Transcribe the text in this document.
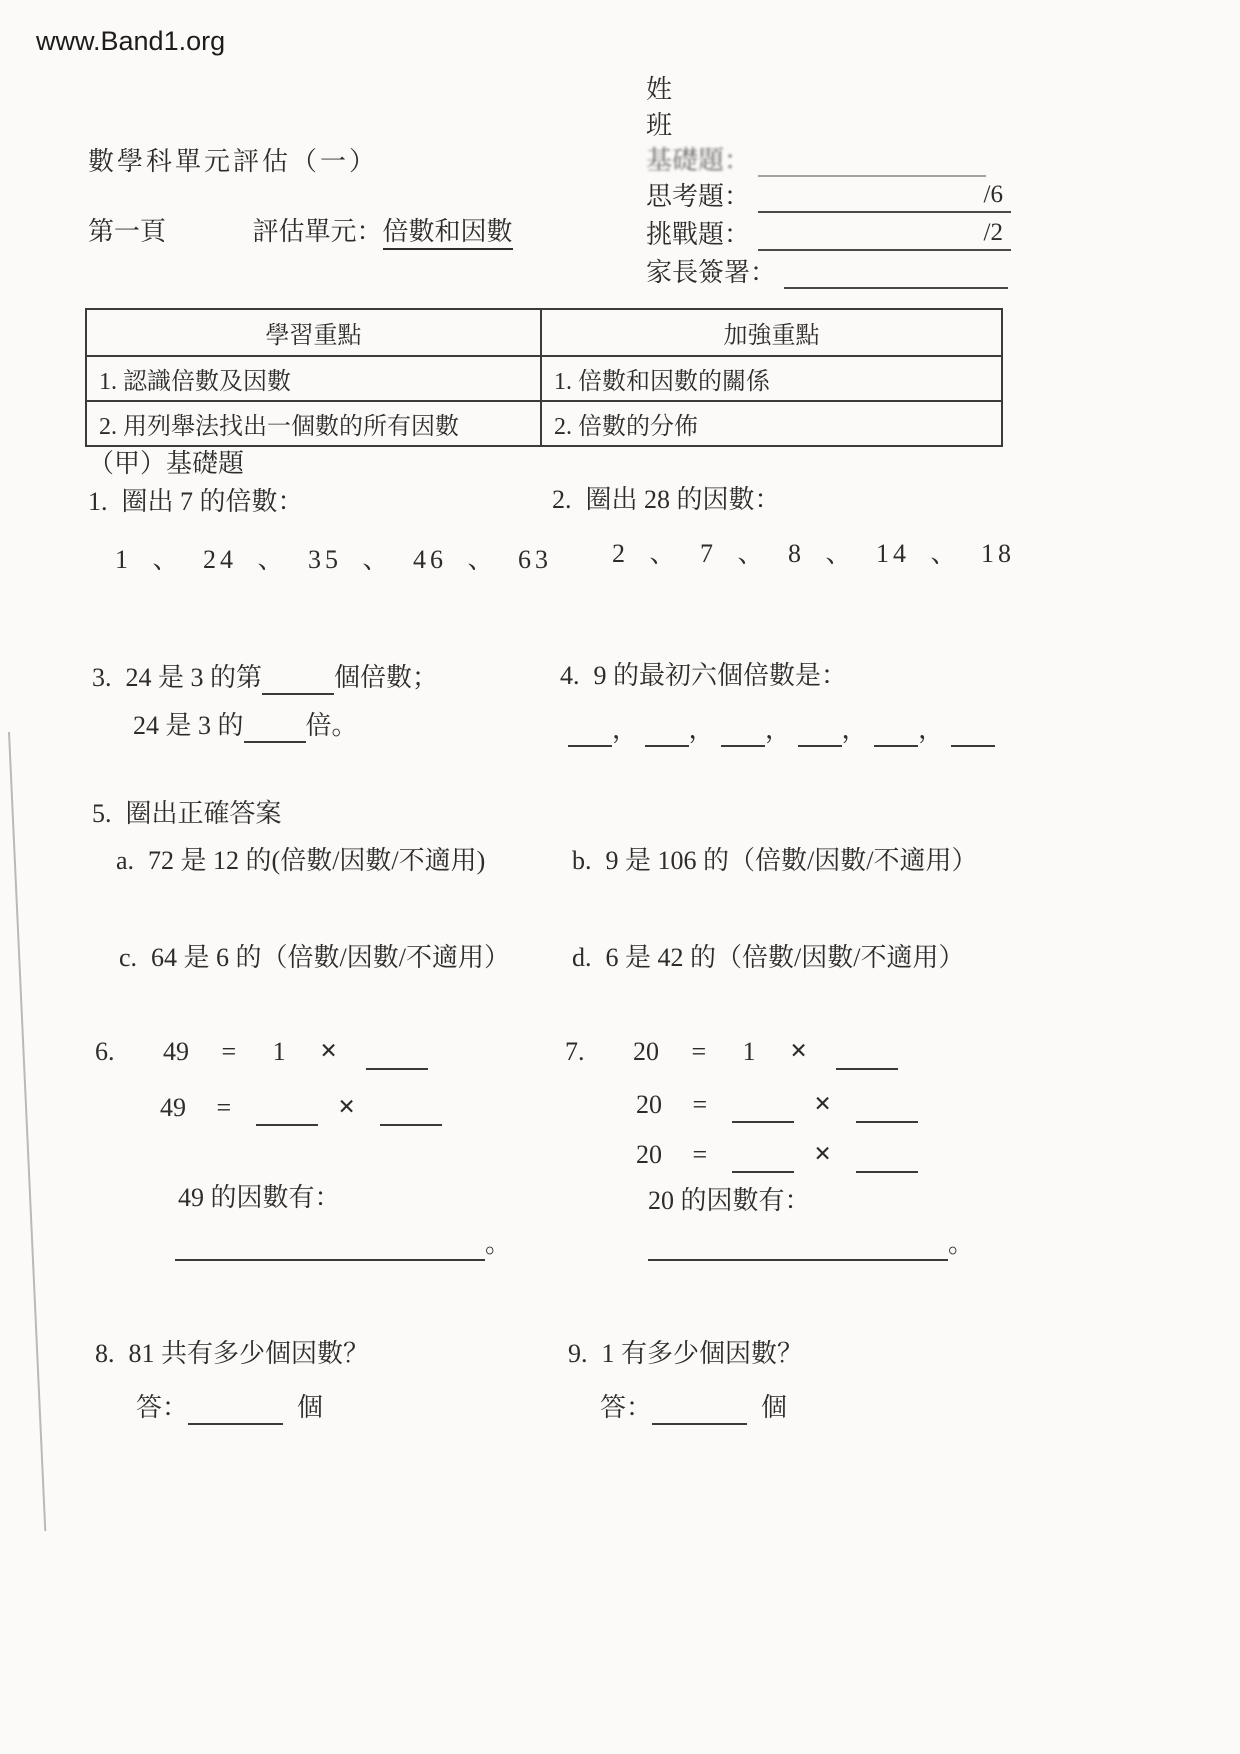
www.Band1.org
姓
班
基礎題：
思考題：	/6
挑戰題：	/2
家長簽署：
數學科單元評估（一）
第一頁	評估單元：倍數和因數
學習重點	加強重點
1. 認識倍數及因數	1. 倍數和因數的關係
2. 用列舉法找出一個數的所有因數	2. 倍數的分佈
（甲）基礎題
1. 圈出 7 的倍數：
1 、 24 、 35 、 46 、 63
2. 圈出 28 的因數：
2 、 7 、 8 、 14 、 18
3. 24 是 3 的第	個倍數；
24 是 3 的 倍。
4. 9 的最初六個倍數是：
， ， ， ， ，
5. 圈出正確答案
a. 72 是 12 的(倍數/因數/不適用)	b. 9 是 106 的（倍數/因數/不適用）
c. 64 是 6 的（倍數/因數/不適用） d. 6 是 42 的（倍數/因數/不適用）
6. 49 = 1 ×
49 =	×
49 的因數有：
。
7. 20 = 1 ×
20 =	×
20 =	×
20 的因數有：
。
8. 81 共有多少個因數？
答：	個
9. 1 有多少個因數？
答：	個
